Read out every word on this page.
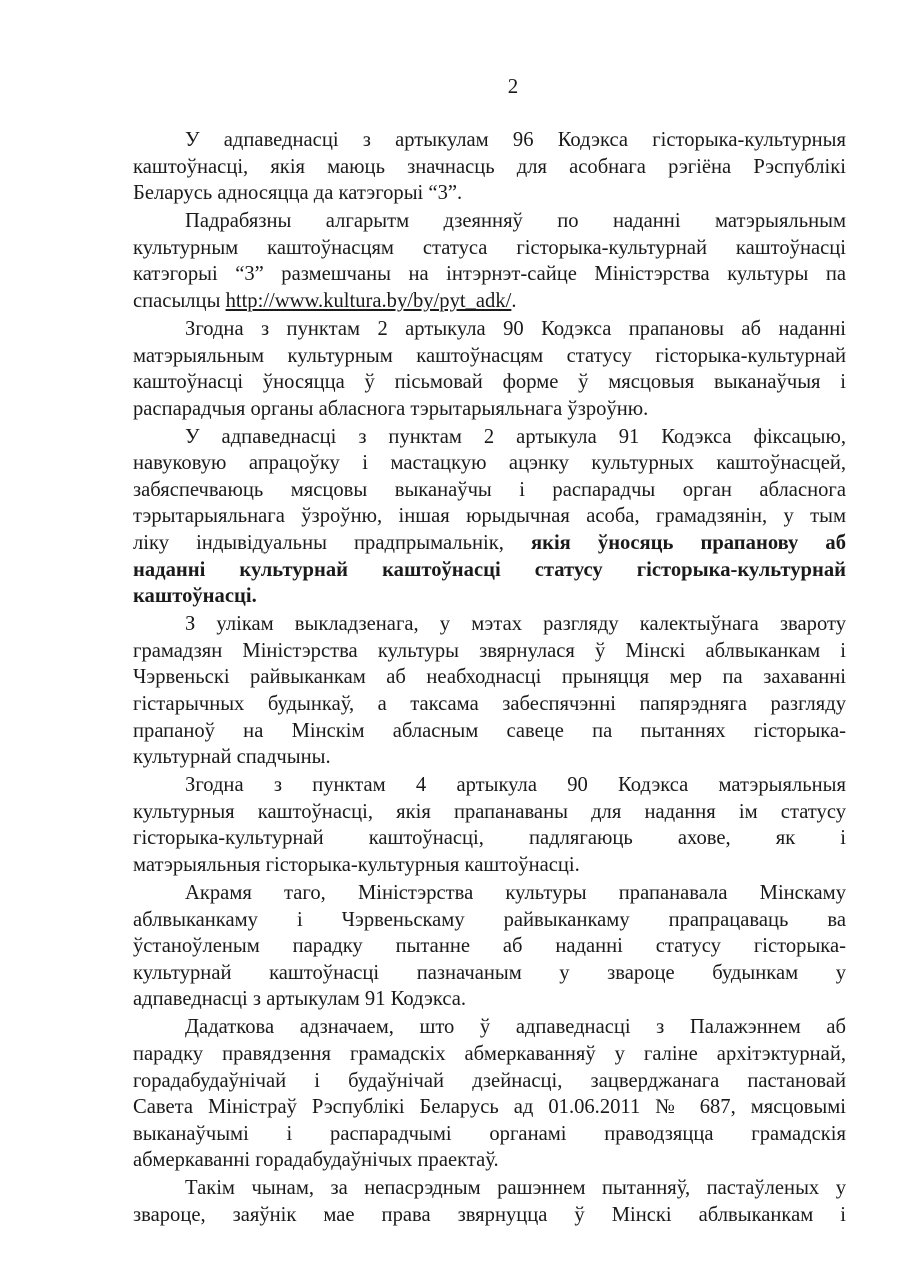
2
У адпаведнасці з артыкулам 96 Кодэкса гісторыка-культурныя
каштоўнасці, якія маюць значнасць для асобнага рэгіёна Рэспублікі
Беларусь адносяцца да катэгорыі “3”.
Падрабязны алгарытм дзеянняў по наданні матэрыяльным
культурным каштоўнасцям статуса гісторыка-культурнай каштоўнасці
катэгорыі “3” размешчаны на інтэрнэт-сайце Міністэрства культуры па
спасылцы http://www.kultura.by/by/pyt_adk/.
Згодна з пунктам 2 артыкула 90 Кодэкса прапановы аб наданні
матэрыяльным культурным каштоўнасцям статусу гісторыка-культурнай
каштоўнасці ўносяцца ў пісьмовай форме ў мясцовыя выканаўчыя і
распарадчыя органы абласнога тэрытарыяльнага ўзроўню.
У адпаведнасці з пунктам 2 артыкула 91 Кодэкса фіксацыю,
навуковую апрацоўку і мастацкую ацэнку культурных каштоўнасцей,
забяспечваюць мясцовы выканаўчы і распарадчы орган абласнога
тэрытарыяльнага ўзроўню, іншая юрыдычная асоба, грамадзянін, у тым
ліку індывідуальны прадпрымальнік, якія ўносяць прапанову аб
наданні культурнай каштоўнасці статусу гісторыка-культурнай
каштоўнасці.
З улікам выкладзенага, у мэтах разгляду калектыўнага звароту
грамадзян Міністэрства культуры звярнулася ў Мінскі аблвыканкам і
Чэрвеньскі райвыканкам аб неабходнасці прыняцця мер па захаванні
гістарычных будынкаў, а таксама забеспячэнні папярэдняга разгляду
прапаноў на Мінскім абласным савеце па пытаннях гісторыка-
культурнай спадчыны.
Згодна з пунктам 4 артыкула 90 Кодэкса матэрыяльныя
культурныя каштоўнасці, якія прапанаваны для надання ім статусу
гісторыка-культурнай каштоўнасці, падлягаюць ахове, як і
матэрыяльныя гісторыка-культурныя каштоўнасці.
Акрамя таго, Міністэрства культуры прапанавала Мінскаму
аблвыканкаму і Чэрвеньскаму райвыканкаму прапрацаваць ва
ўстаноўленым парадку пытанне аб наданні статусу гісторыка-
культурнай каштоўнасці пазначаным у звароце будынкам у
адпаведнасці з артыкулам 91 Кодэкса.
Дадаткова адзначаем, што ў адпаведнасці з Палажэннем аб
парадку правядзення грамадскіх абмеркаванняў у галіне архітэктурнай,
горадабудаўнічай і будаўнічай дзейнасці, зацверджанага пастановай
Савета Міністраў Рэспублікі Беларусь ад 01.06.2011 № 687, мясцовымі
выканаўчымі і распарадчымі органамі праводзяцца грамадскія
абмеркаванні горадабудаўнічых праектаў.
Такім чынам, за непасрэдным рашэннем пытанняў, пастаўленых у
звароце, заяўнік мае права звярнуцца ў Мінскі аблвыканкам і
